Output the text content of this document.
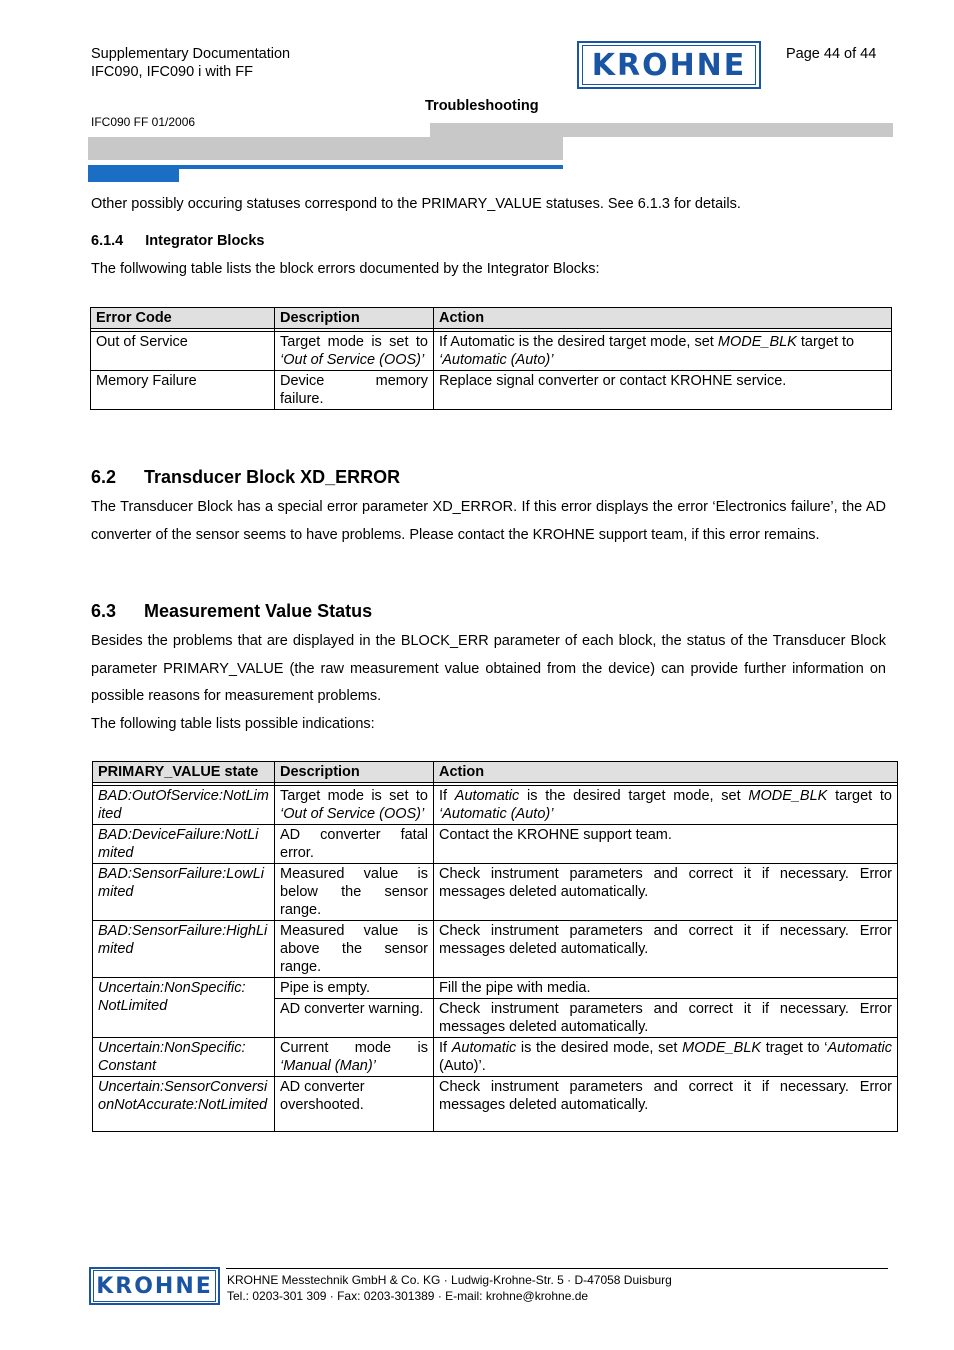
Supplementary Documentation
IFC090, IFC090 i with FF	KROHNE	Page 44 of 44
Troubleshooting
IFC090 FF 01/2006

Other possibly occuring statuses correspond to the PRIMARY_VALUE statuses. See 6.1.3 for details.

6.1.4 Integrator Blocks

The follwowing table lists the block errors documented by the Integrator Blocks:

Error Code	Description	Action

Out of Service	Target mode is set to ‘Out of Service (OOS)’	If Automatic is the desired target mode, set MODE_BLK target to ‘Automatic (Auto)’
Memory Failure	Device memory failure.	Replace signal converter or contact KROHNE service.
6.2 Transducer Block XD_ERROR

The Transducer Block has a special error parameter XD_ERROR. If this error displays the error ‘Electronics failure’, the AD converter of the sensor seems to have problems. Please contact the KROHNE support team, if this error remains.

6.3 Measurement Value Status

Besides the problems that are displayed in the BLOCK_ERR parameter of each block, the status of the Transducer Block parameter PRIMARY_VALUE (the raw measurement value obtained from the device) can provide further information on possible reasons for measurement problems.

The following table lists possible indications:

PRIMARY_VALUE state	Description	Action

BAD:OutOfService:NotLimited	Target mode is set to ‘Out of Service (OOS)’	If Automatic is the desired target mode, set MODE_BLK target to ‘Automatic (Auto)’
BAD:DeviceFailure:NotLimited	AD converter fatal error.	Contact the KROHNE support team.
BAD:SensorFailure:LowLimited	Measured value is below the sensor range.	Check instrument parameters and correct it if necessary. Error messages deleted automatically.
BAD:SensorFailure:HighLimited	Measured value is above the sensor range.	Check instrument parameters and correct it if necessary. Error messages deleted automatically.
Uncertain:NonSpecific: NotLimited	Pipe is empty.	Fill the pipe with media.
	AD converter warning.	Check instrument parameters and correct it if necessary. Error messages deleted automatically.
Uncertain:NonSpecific: Constant	Current mode is ‘Manual (Man)’	If Automatic is the desired mode, set MODE_BLK traget to ‘Automatic (Auto)’.
Uncertain:SensorConversionNotAccurate:NotLimited	AD converter overshooted.	Check instrument parameters and correct it if necessary. Error messages deleted automatically.
KROHNE KROHNE Messtechnik GmbH & Co. KG · Ludwig-Krohne-Str. 5 · D-47058 Duisburg
Tel.: 0203-301 309 · Fax: 0203-301389 · E-mail: krohne@krohne.de
